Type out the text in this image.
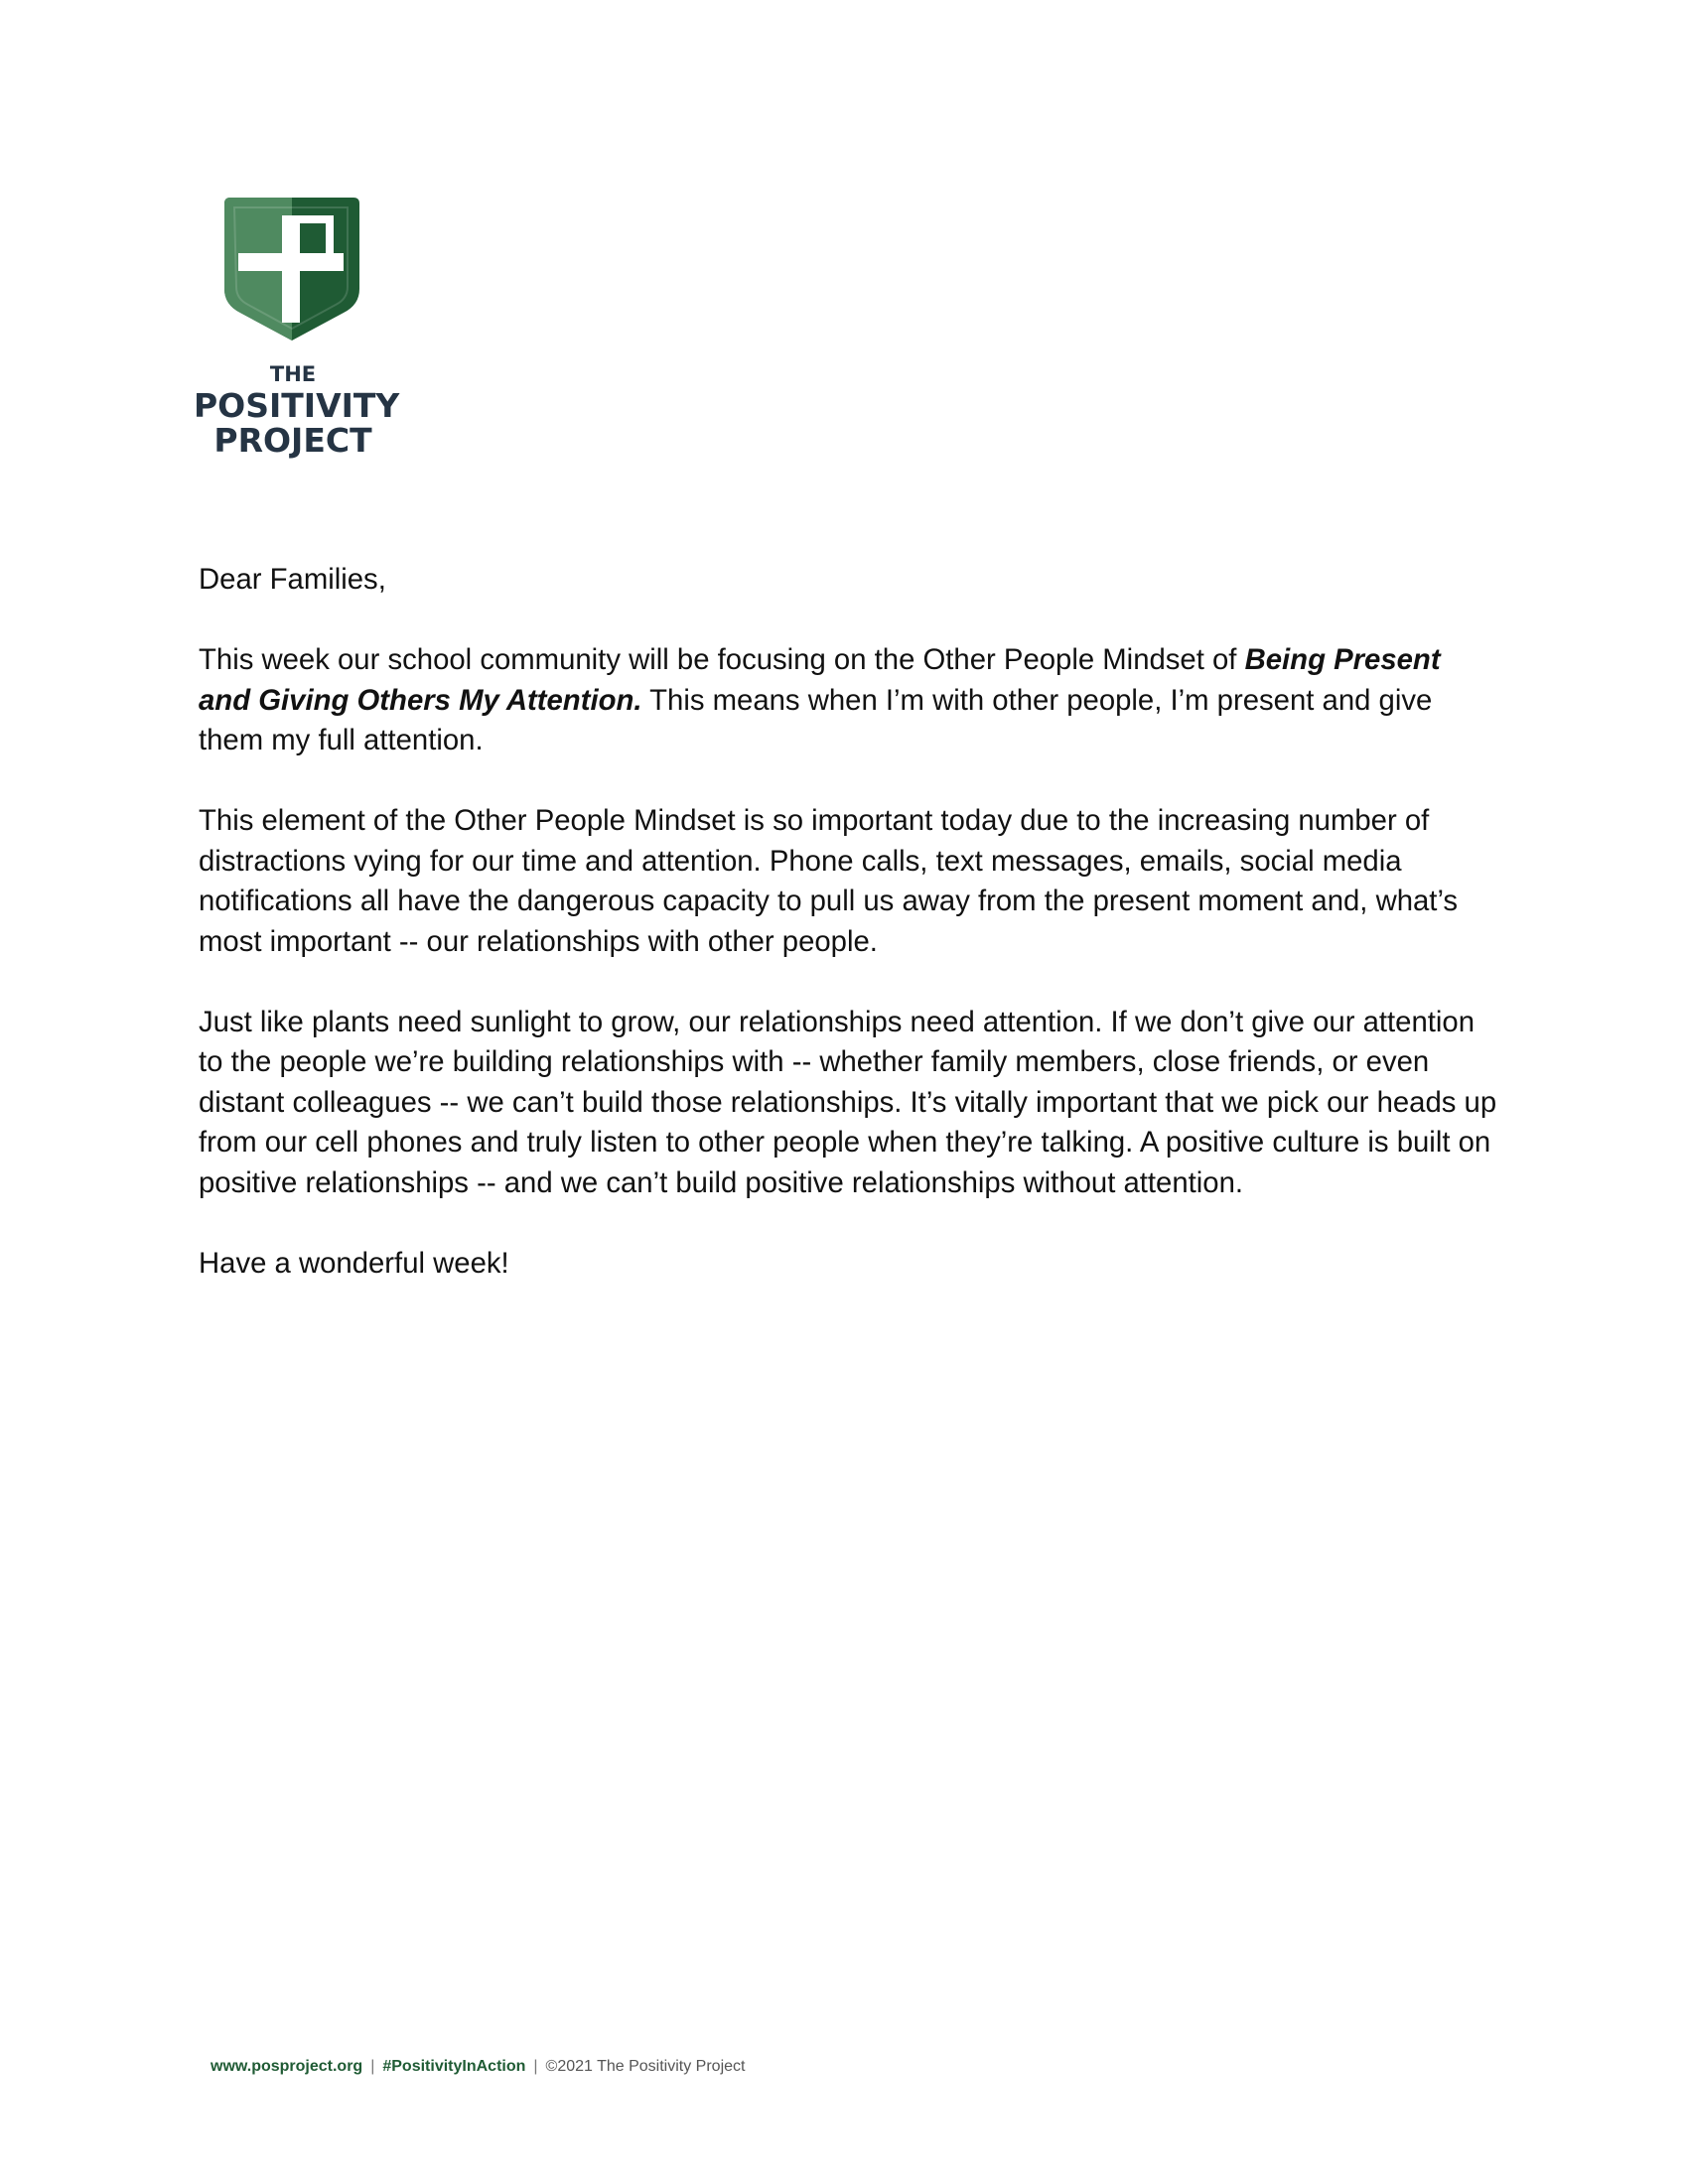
THE
POSITIVITY
PROJECT

Dear Families,

This week our school community will be focusing on the Other People Mindset of Being Present and Giving Others My Attention. This means when I’m with other people, I’m present and give them my full attention.

This element of the Other People Mindset is so important today due to the increasing number of distractions vying for our time and attention. Phone calls, text messages, emails, social media notifications all have the dangerous capacity to pull us away from the present moment and, what’s most important -- our relationships with other people.

Just like plants need sunlight to grow, our relationships need attention. If we don’t give our attention to the people we’re building relationships with -- whether family members, close friends, or even distant colleagues -- we can’t build those relationships. It’s vitally important that we pick our heads up from our cell phones and truly listen to other people when they’re talking. A positive culture is built on positive relationships -- and we can’t build positive relationships without attention.

Have a wonderful week!

www.posproject.org | #PositivityInAction | ©2021 The Positivity Project
